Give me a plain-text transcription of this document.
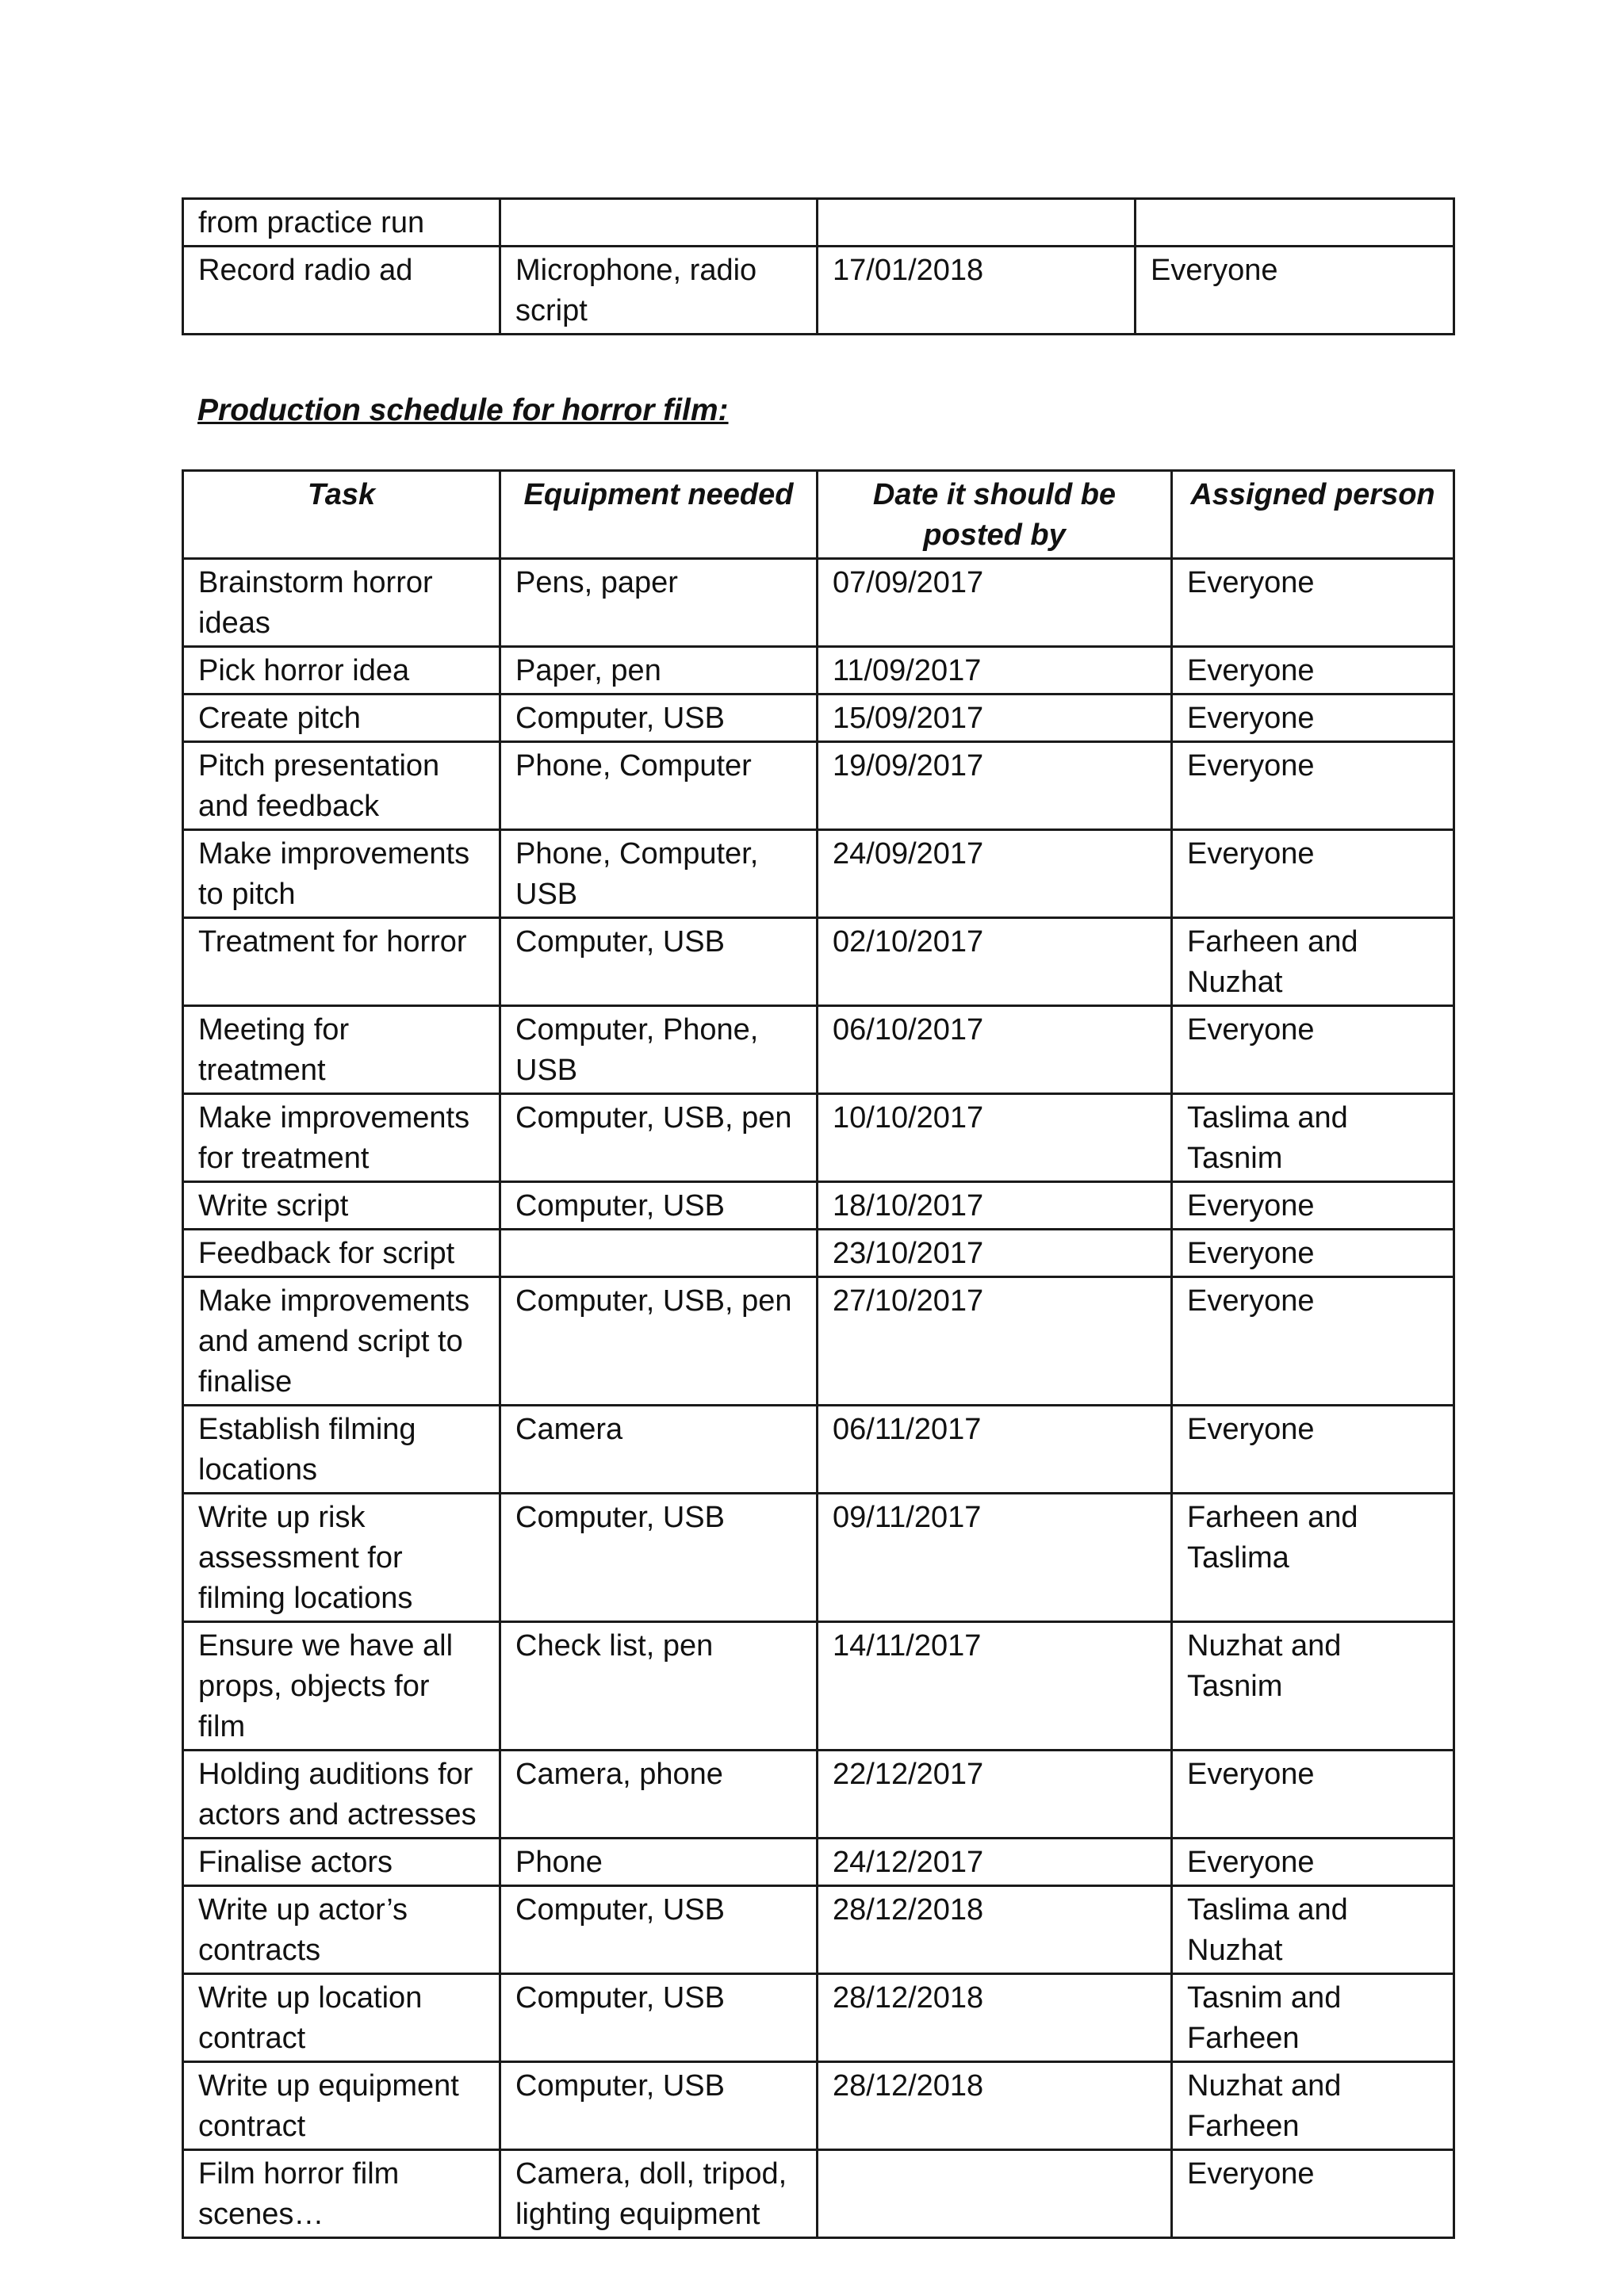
from practice run			
Record radio ad	Microphone, radio script	17/01/2018	Everyone
Production schedule for horror film:
Task	Equipment needed	Date it should be posted by	Assigned person
Brainstorm horror ideas	Pens, paper	07/09/2017	Everyone
Pick horror idea	Paper, pen	11/09/2017	Everyone
Create pitch	Computer, USB	15/09/2017	Everyone
Pitch presentation and feedback	Phone, Computer	19/09/2017	Everyone
Make improvements to pitch	Phone, Computer, USB	24/09/2017	Everyone
Treatment for horror	Computer, USB	02/10/2017	Farheen and Nuzhat
Meeting for treatment	Computer, Phone, USB	06/10/2017	Everyone
Make improvements for treatment	Computer, USB, pen	10/10/2017	Taslima and Tasnim
Write script	Computer, USB	18/10/2017	Everyone
Feedback for script		23/10/2017	Everyone
Make improvements and amend script to finalise	Computer, USB, pen	27/10/2017	Everyone
Establish filming locations	Camera	06/11/2017	Everyone
Write up risk assessment for filming locations	Computer, USB	09/11/2017	Farheen and Taslima
Ensure we have all props, objects for film	Check list, pen	14/11/2017	Nuzhat and Tasnim
Holding auditions for actors and actresses	Camera, phone	22/12/2017	Everyone
Finalise actors	Phone	24/12/2017	Everyone
Write up actor’s contracts	Computer, USB	28/12/2018	Taslima and Nuzhat
Write up location contract	Computer, USB	28/12/2018	Tasnim and Farheen
Write up equipment contract	Computer, USB	28/12/2018	Nuzhat and Farheen
Film horror film scenes…	Camera, doll, tripod, lighting equipment		Everyone
